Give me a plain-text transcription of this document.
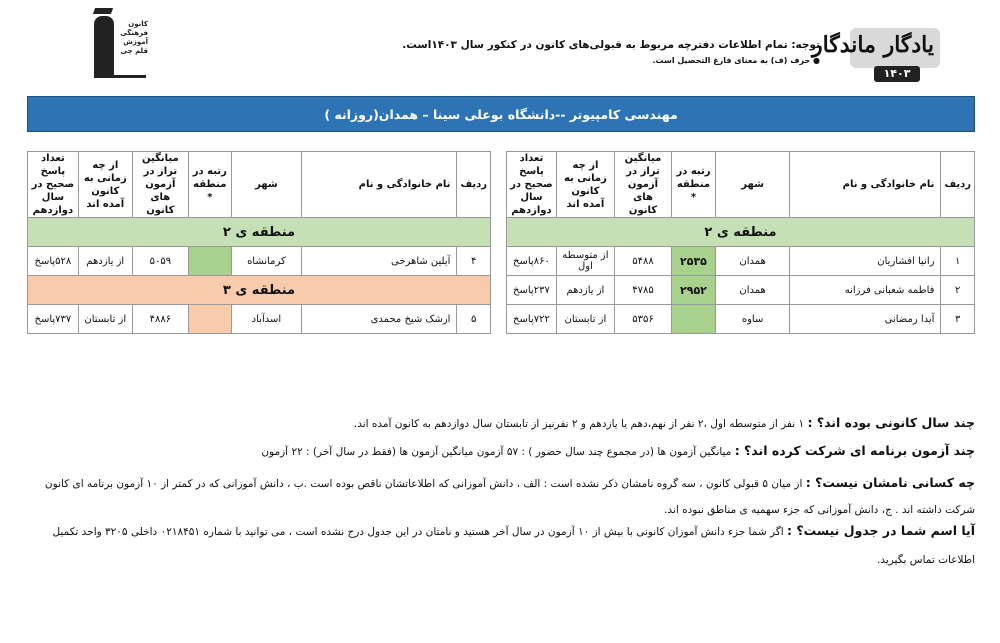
یادگار ماندگار
۱۴۰۳
توجه: تمام اطلاعات دفترچه مربوط به قبولی‌های کانون در کنکور سال ۱۴۰۳است.
● حرف (ف) به معنای فارغ التحصیل است.
کانون
فرهنگی
آموزش
قلم چی
مهندسی کامپیوتر --دانشگاه بوعلی سینا – همدان(روزانه )
ردیف	نام خانوادگی و نام	شهر	رتبه در منطقه *	میانگین تراز در آزمون های کانون	از چه زمانی به کانون آمده اند	تعداد پاسخ صحیح در سال دوازدهم
منطقه ی ۲						
۱	رانیا افشاریان	همدان	۲۵۳۵	۵۴۸۸	از متوسطه اول	۸۶۰پاسخ
۲	فاطمه شعبانی فرزانه	همدان	۲۹۵۲	۴۷۸۵	از یازدهم	۲۳۷پاسخ
۳	آیدا رمضانی	ساوه		۵۳۵۶	از تابستان	۷۲۲پاسخ
ردیف	نام خانوادگی و نام	شهر	رتبه در منطقه *	میانگین تراز در آزمون های کانون	از چه زمانی به کانون آمده اند	تعداد پاسخ صحیح در سال دوازدهم
منطقه ی ۲						
۴	آیلین شاهرخی	کرمانشاه		۵۰۵۹	از یازدهم	۵۲۸پاسخ
منطقه ی ۳						
۵	ارشک شیخ محمدی	اسدآباد		۴۸۸۶	از تابستان	۷۳۷پاسخ
چند سال کانونی بوده اند؟ : ۱ نفر از متوسطه اول ،۲ نفر از نهم،دهم یا یازدهم و ۲ نفرنیز از تابستان سال دوازدهم به کانون آمده اند.
چند آزمون برنامه ای شرکت کرده اند؟ : میانگین آزمون ها (در مجموع چند سال حضور ) : ۵۷ آزمون میانگین آزمون ها (فقط در سال آخر) : ۲۲ آزمون
چه کسانی نامشان نیست؟ : از میان ۵ قبولی کانون ، سه گروه نامشان ذکر نشده است : الف ، دانش آموزانی که اطلاعاتشان ناقص بوده است .ب ، دانش آموزانی که در کمتر از ۱۰ آزمون برنامه ای کانون شرکت داشته اند . ج، دانش آموزانی که جزء سهمیه ی مناطق نبوده اند.
آیا اسم شما در جدول نیست؟ : اگر شما جزء دانش آموزان کانونی با بیش از ۱۰ آزمون در سال آخر هستید و نامتان در این جدول درج نشده است ، می توانید با شماره ۰۲۱۸۴۵۱ داخلی ۳۲۰۵ واحد تکمیل اطلاعات تماس بگیرید.
